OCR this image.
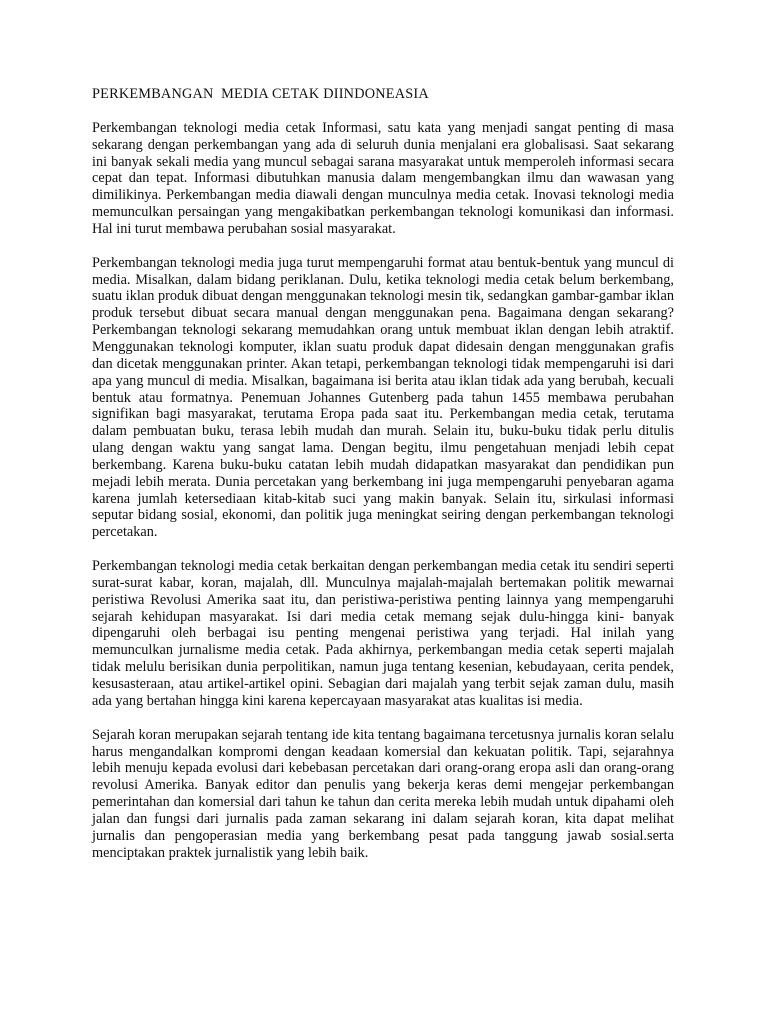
PERKEMBANGAN  MEDIA CETAK DIINDONEASIA

Perkembangan teknologi media cetak Informasi, satu kata yang menjadi sangat penting di masa sekarang dengan perkembangan yang ada di seluruh dunia menjalani era globalisasi. Saat sekarang ini banyak sekali media yang muncul sebagai sarana masyarakat untuk memperoleh informasi secara cepat dan tepat. Informasi dibutuhkan manusia dalam mengembangkan ilmu dan wawasan yang dimilikinya. Perkembangan media diawali dengan munculnya media cetak. Inovasi teknologi media memunculkan persaingan yang mengakibatkan perkembangan teknologi komunikasi dan informasi. Hal ini turut membawa perubahan sosial masyarakat.

Perkembangan teknologi media juga turut mempengaruhi format atau bentuk-bentuk yang muncul di media. Misalkan, dalam bidang periklanan. Dulu, ketika teknologi media cetak belum berkembang, suatu iklan produk dibuat dengan menggunakan teknologi mesin tik, sedangkan gambar-gambar iklan produk tersebut dibuat secara manual dengan menggunakan pena. Bagaimana dengan sekarang? Perkembangan teknologi sekarang memudahkan orang untuk membuat iklan dengan lebih atraktif. Menggunakan teknologi komputer, iklan suatu produk dapat didesain dengan menggunakan grafis dan dicetak menggunakan printer. Akan tetapi, perkembangan teknologi tidak mempengaruhi isi dari apa yang muncul di media. Misalkan, bagaimana isi berita atau iklan tidak ada yang berubah, kecuali bentuk atau formatnya. Penemuan Johannes Gutenberg pada tahun 1455 membawa perubahan signifikan bagi masyarakat, terutama Eropa pada saat itu. Perkembangan media cetak, terutama dalam pembuatan buku, terasa lebih mudah dan murah. Selain itu, buku-buku tidak perlu ditulis ulang dengan waktu yang sangat lama. Dengan begitu, ilmu pengetahuan menjadi lebih cepat berkembang. Karena buku-buku catatan lebih mudah didapatkan masyarakat dan pendidikan pun mejadi lebih merata. Dunia percetakan yang berkembang ini juga mempengaruhi penyebaran agama karena jumlah ketersediaan kitab-kitab suci yang makin banyak. Selain itu, sirkulasi informasi seputar bidang sosial, ekonomi, dan politik juga meningkat seiring dengan perkembangan teknologi percetakan.

Perkembangan teknologi media cetak berkaitan dengan perkembangan media cetak itu sendiri seperti surat-surat kabar, koran, majalah, dll. Munculnya majalah-majalah bertemakan politik mewarnai peristiwa Revolusi Amerika saat itu, dan peristiwa-peristiwa penting lainnya yang mempengaruhi sejarah kehidupan masyarakat. Isi dari media cetak memang sejak dulu-hingga kini- banyak dipengaruhi oleh berbagai isu penting mengenai peristiwa yang terjadi. Hal inilah yang memunculkan jurnalisme media cetak. Pada akhirnya, perkembangan media cetak seperti majalah tidak melulu berisikan dunia perpolitikan, namun juga tentang kesenian, kebudayaan, cerita pendek, kesusasteraan, atau artikel-artikel opini. Sebagian dari majalah yang terbit sejak zaman dulu, masih ada yang bertahan hingga kini karena kepercayaan masyarakat atas kualitas isi media.

Sejarah koran merupakan sejarah tentang ide kita tentang bagaimana tercetusnya jurnalis koran selalu harus mengandalkan kompromi dengan keadaan komersial dan kekuatan politik. Tapi, sejarahnya lebih menuju kepada evolusi dari kebebasan percetakan dari orang-orang eropa asli dan orang-orang revolusi Amerika. Banyak editor dan penulis yang bekerja keras demi mengejar perkembangan pemerintahan dan komersial dari tahun ke tahun dan cerita mereka lebih mudah untuk dipahami oleh jalan dan fungsi dari jurnalis pada zaman sekarang ini dalam sejarah koran, kita dapat melihat jurnalis dan pengoperasian media yang berkembang pesat pada tanggung jawab sosial.serta menciptakan praktek jurnalistik yang lebih baik.
